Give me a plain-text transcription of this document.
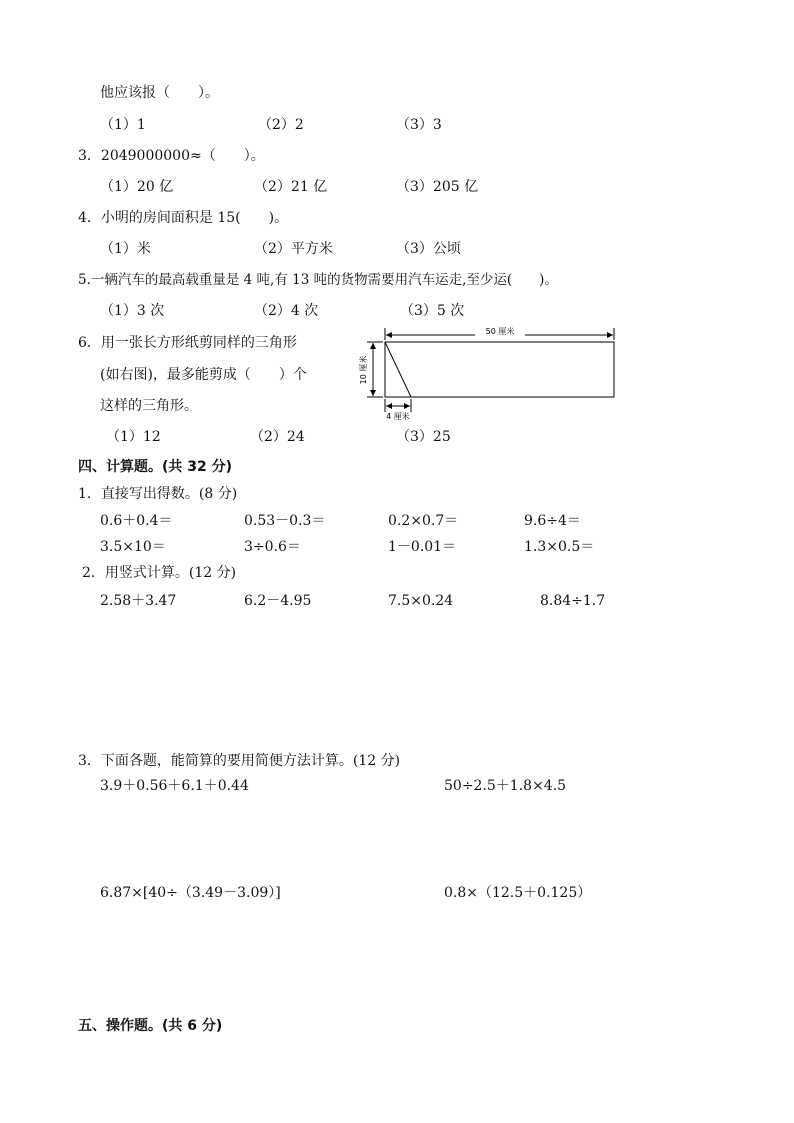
他应该报（　　）。
（1）1	（2）2	（3）3
3．2049000000≈（　　）。
（1）20 亿	（2）21 亿	（3）205 亿
4．小明的房间面积是 15(　　)。
（1）米	（2）平方米	（3）公顷
5.一辆汽车的最高载重量是 4 吨,有 13 吨的货物需要用汽车运走,至少运(　　)。
（1）3 次	（2）4 次	（3）5 次
6．用一张长方形纸剪同样的三角形
(如右图)，最多能剪成（　　）个
这样的三角形。
（1）12	（2）24	（3）25
50 厘米
10 厘米
4 厘米
四、计算题。(共 32 分)
1．直接写出得数。(8 分)
0.6＋0.4＝	0.53－0.3＝	0.2×0.7＝	9.6÷4＝
3.5×10＝	3÷0.6＝	1－0.01＝	1.3×0.5＝
2．用竖式计算。(12 分)
2.58＋3.47	6.2－4.95	7.5×0.24	8.84÷1.7
3．下面各题，能简算的要用简便方法计算。(12 分)
3.9＋0.56＋6.1＋0.44	50÷2.5＋1.8×4.5
6.87×[40÷（3.49－3.09）]	0.8×（12.5＋0.125）
五、操作题。(共 6 分)
